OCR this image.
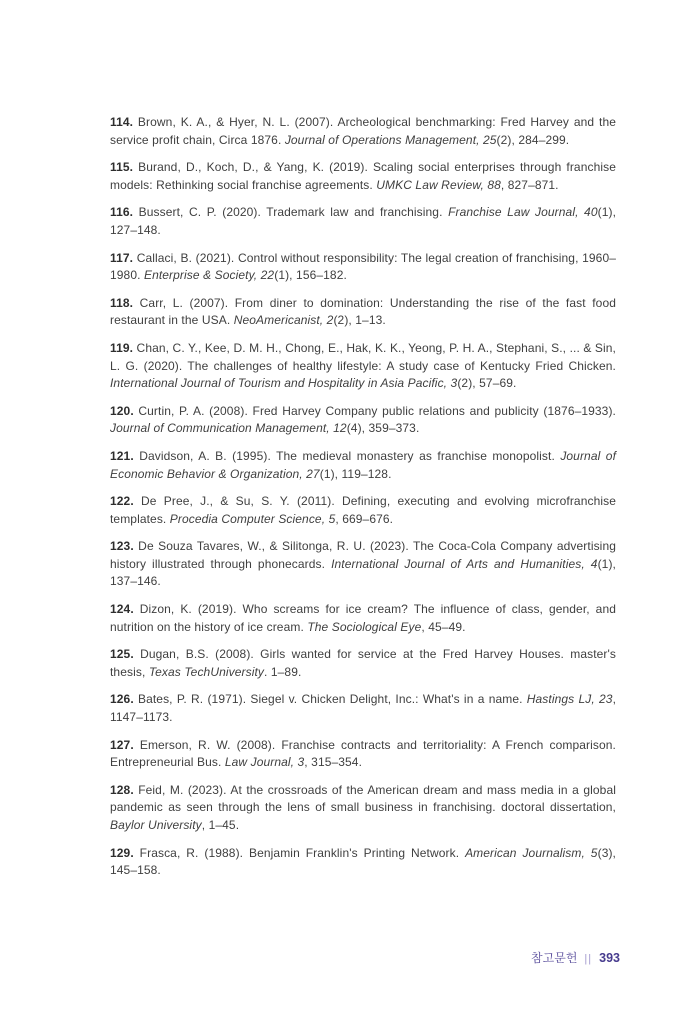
114. Brown, K. A., & Hyer, N. L. (2007). Archeological benchmarking: Fred Harvey and the service profit chain, Circa 1876. Journal of Operations Management, 25(2), 284–299.

115. Burand, D., Koch, D., & Yang, K. (2019). Scaling social enterprises through franchise models: Rethinking social franchise agreements. UMKC Law Review, 88, 827–871.

116. Bussert, C. P. (2020). Trademark law and franchising. Franchise Law Journal, 40(1), 127–148.

117. Callaci, B. (2021). Control without responsibility: The legal creation of franchising, 1960–1980. Enterprise & Society, 22(1), 156–182.

118. Carr, L. (2007). From diner to domination: Understanding the rise of the fast food restaurant in the USA. NeoAmericanist, 2(2), 1–13.

119. Chan, C. Y., Kee, D. M. H., Chong, E., Hak, K. K., Yeong, P. H. A., Stephani, S., ... & Sin, L. G. (2020). The challenges of healthy lifestyle: A study case of Kentucky Fried Chicken. International Journal of Tourism and Hospitality in Asia Pacific, 3(2), 57–69.

120. Curtin, P. A. (2008). Fred Harvey Company public relations and publicity (1876–1933). Journal of Communication Management, 12(4), 359–373.

121. Davidson, A. B. (1995). The medieval monastery as franchise monopolist. Journal of Economic Behavior & Organization, 27(1), 119–128.

122. De Pree, J., & Su, S. Y. (2011). Defining, executing and evolving microfranchise templates. Procedia Computer Science, 5, 669–676.

123. De Souza Tavares, W., & Silitonga, R. U. (2023). The Coca-Cola Company advertising history illustrated through phonecards. International Journal of Arts and Humanities, 4(1), 137–146.

124. Dizon, K. (2019). Who screams for ice cream? The influence of class, gender, and nutrition on the history of ice cream. The Sociological Eye, 45–49.

125. Dugan, B.S. (2008). Girls wanted for service at the Fred Harvey Houses. master's thesis, Texas TechUniversity. 1–89.

126. Bates, P. R. (1971). Siegel v. Chicken Delight, Inc.: What's in a name. Hastings LJ, 23, 1147–1173.

127. Emerson, R. W. (2008). Franchise contracts and territoriality: A French comparison. Entrepreneurial Bus. Law Journal, 3, 315–354.

128. Feid, M. (2023). At the crossroads of the American dream and mass media in a global pandemic as seen through the lens of small business in franchising. doctoral dissertation, Baylor University, 1–45.

129. Frasca, R. (1988). Benjamin Franklin's Printing Network. American Journalism, 5(3), 145–158.

참고문헌 || 393
